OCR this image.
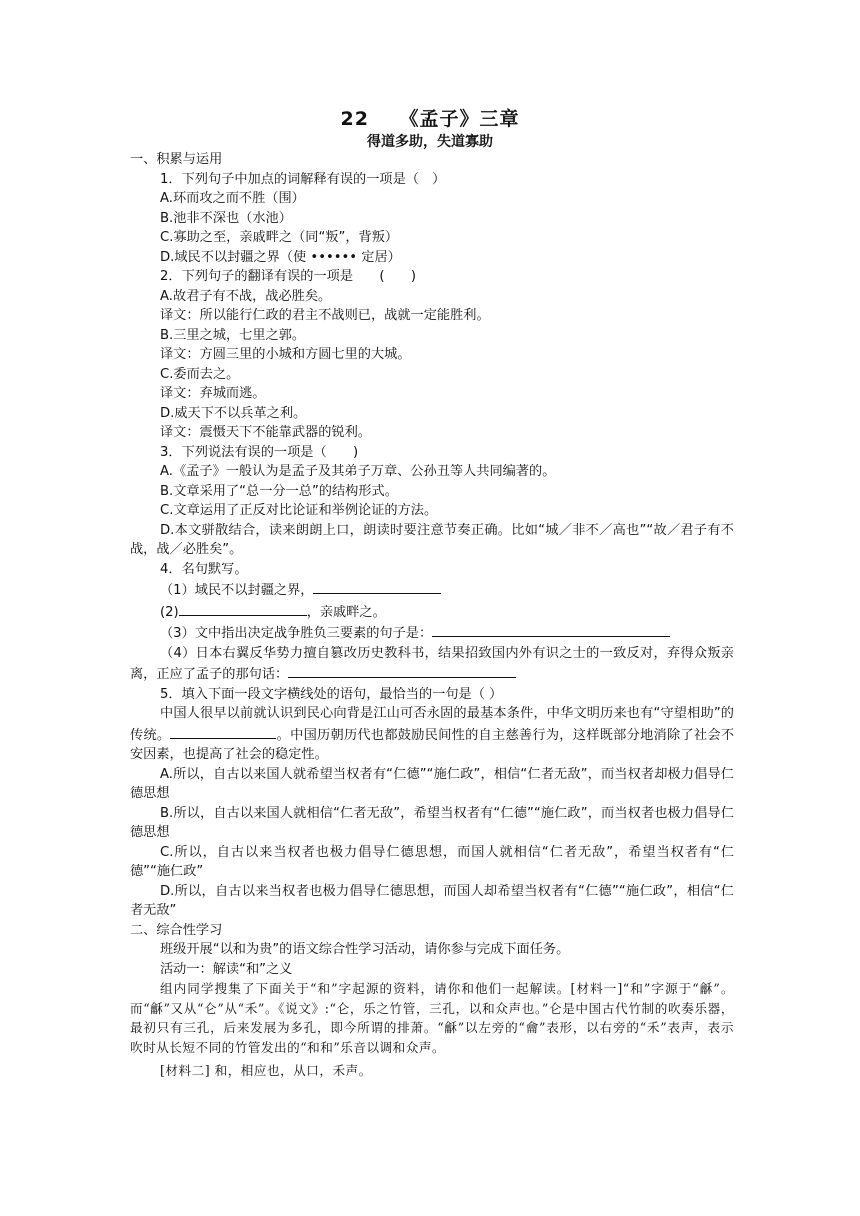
22　　《孟子》三章
得道多助，失道寡助

一、积累与运用

1．下列句子中加点的词解释有误的一项是（　）

A.环而攻之而不胜（围）

B.池非不深也（水池）

C.寡助之至，亲戚畔之（同“叛”，背叛）

D.域民不以封疆之界（使 •••••• 定居）

2．下列句子的翻译有误的一项是　　(　　)

A.故君子有不战，战必胜矣。

译文：所以能行仁政的君主不战则已，战就一定能胜利。

B.三里之城，七里之郭。

译文：方圆三里的小城和方圆七里的大城。

C.委而去之。

译文：弃城而逃。

D.威天下不以兵革之利。

译文：震慑天下不能靠武器的锐利。

3．下列说法有误的一项是（　　)

A.《孟子》一般认为是孟子及其弟子万章、公孙丑等人共同编著的。

B.文章采用了“总一分一总”的结构形式。

C.文章运用了正反对比论证和举例论证的方法。

D.本文骈散结合，读来朗朗上口，朗读时要注意节奏正确。比如“城／非不／高也”“故／君子有不战，战／必胜矣”。

4．名句默写。

（1）域民不以封疆之界，

(2)	，亲戚畔之。

（3）文中指出决定战争胜负三要素的句子是：

（4）日本右翼反华势力擅自篡改历史教科书，结果招致国内外有识之士的一致反对，弃得众叛亲离，正应了孟子的那句话：

5．填入下面一段文字横线处的语句，最恰当的一句是（ ）

中国人很早以前就认识到民心向背是江山可否永固的最基本条件，中华文明历来也有“守望相助”的传统。	。中国历朝历代也都鼓励民间性的自主慈善行为，这样既部分地消除了社会不安因素，也提高了社会的稳定性。

A.所以，自古以来国人就希望当权者有“仁德”“施仁政”，相信“仁者无敌”，而当权者却极力倡导仁德思想

B.所以，自古以来国人就相信“仁者无敌”，希望当权者有“仁德”“施仁政”，而当权者也极力倡导仁德思想

C.所以，自古以来当权者也极力倡导仁德思想，而国人就相信“仁者无敌”，希望当权者有“仁德”“施仁政”

D.所以，自古以来当权者也极力倡导仁德思想，而国人却希望当权者有“仁德”“施仁政”，相信“仁者无敌”

二、综合性学习

班级开展“以和为贵”的语文综合性学习活动，请你参与完成下面任务。

活动一：解读“和”之义

组内同学搜集了下面关于“和”字起源的资料，请你和他们一起解读。[材料一]“和”字源于“龢”。而“龢”又从“仑”从“禾”。《说文》:“仑，乐之竹管，三孔，以和众声也。”仑是中国古代竹制的吹奏乐器，最初只有三孔，后来发展为多孔，即今所谓的排萧。“龢”以左旁的“龠”表形，以右旁的“禾”表声，表示吹时从长短不同的竹管发出的“和和”乐音以调和众声。

[材料二] 和，相应也，从口，禾声。
